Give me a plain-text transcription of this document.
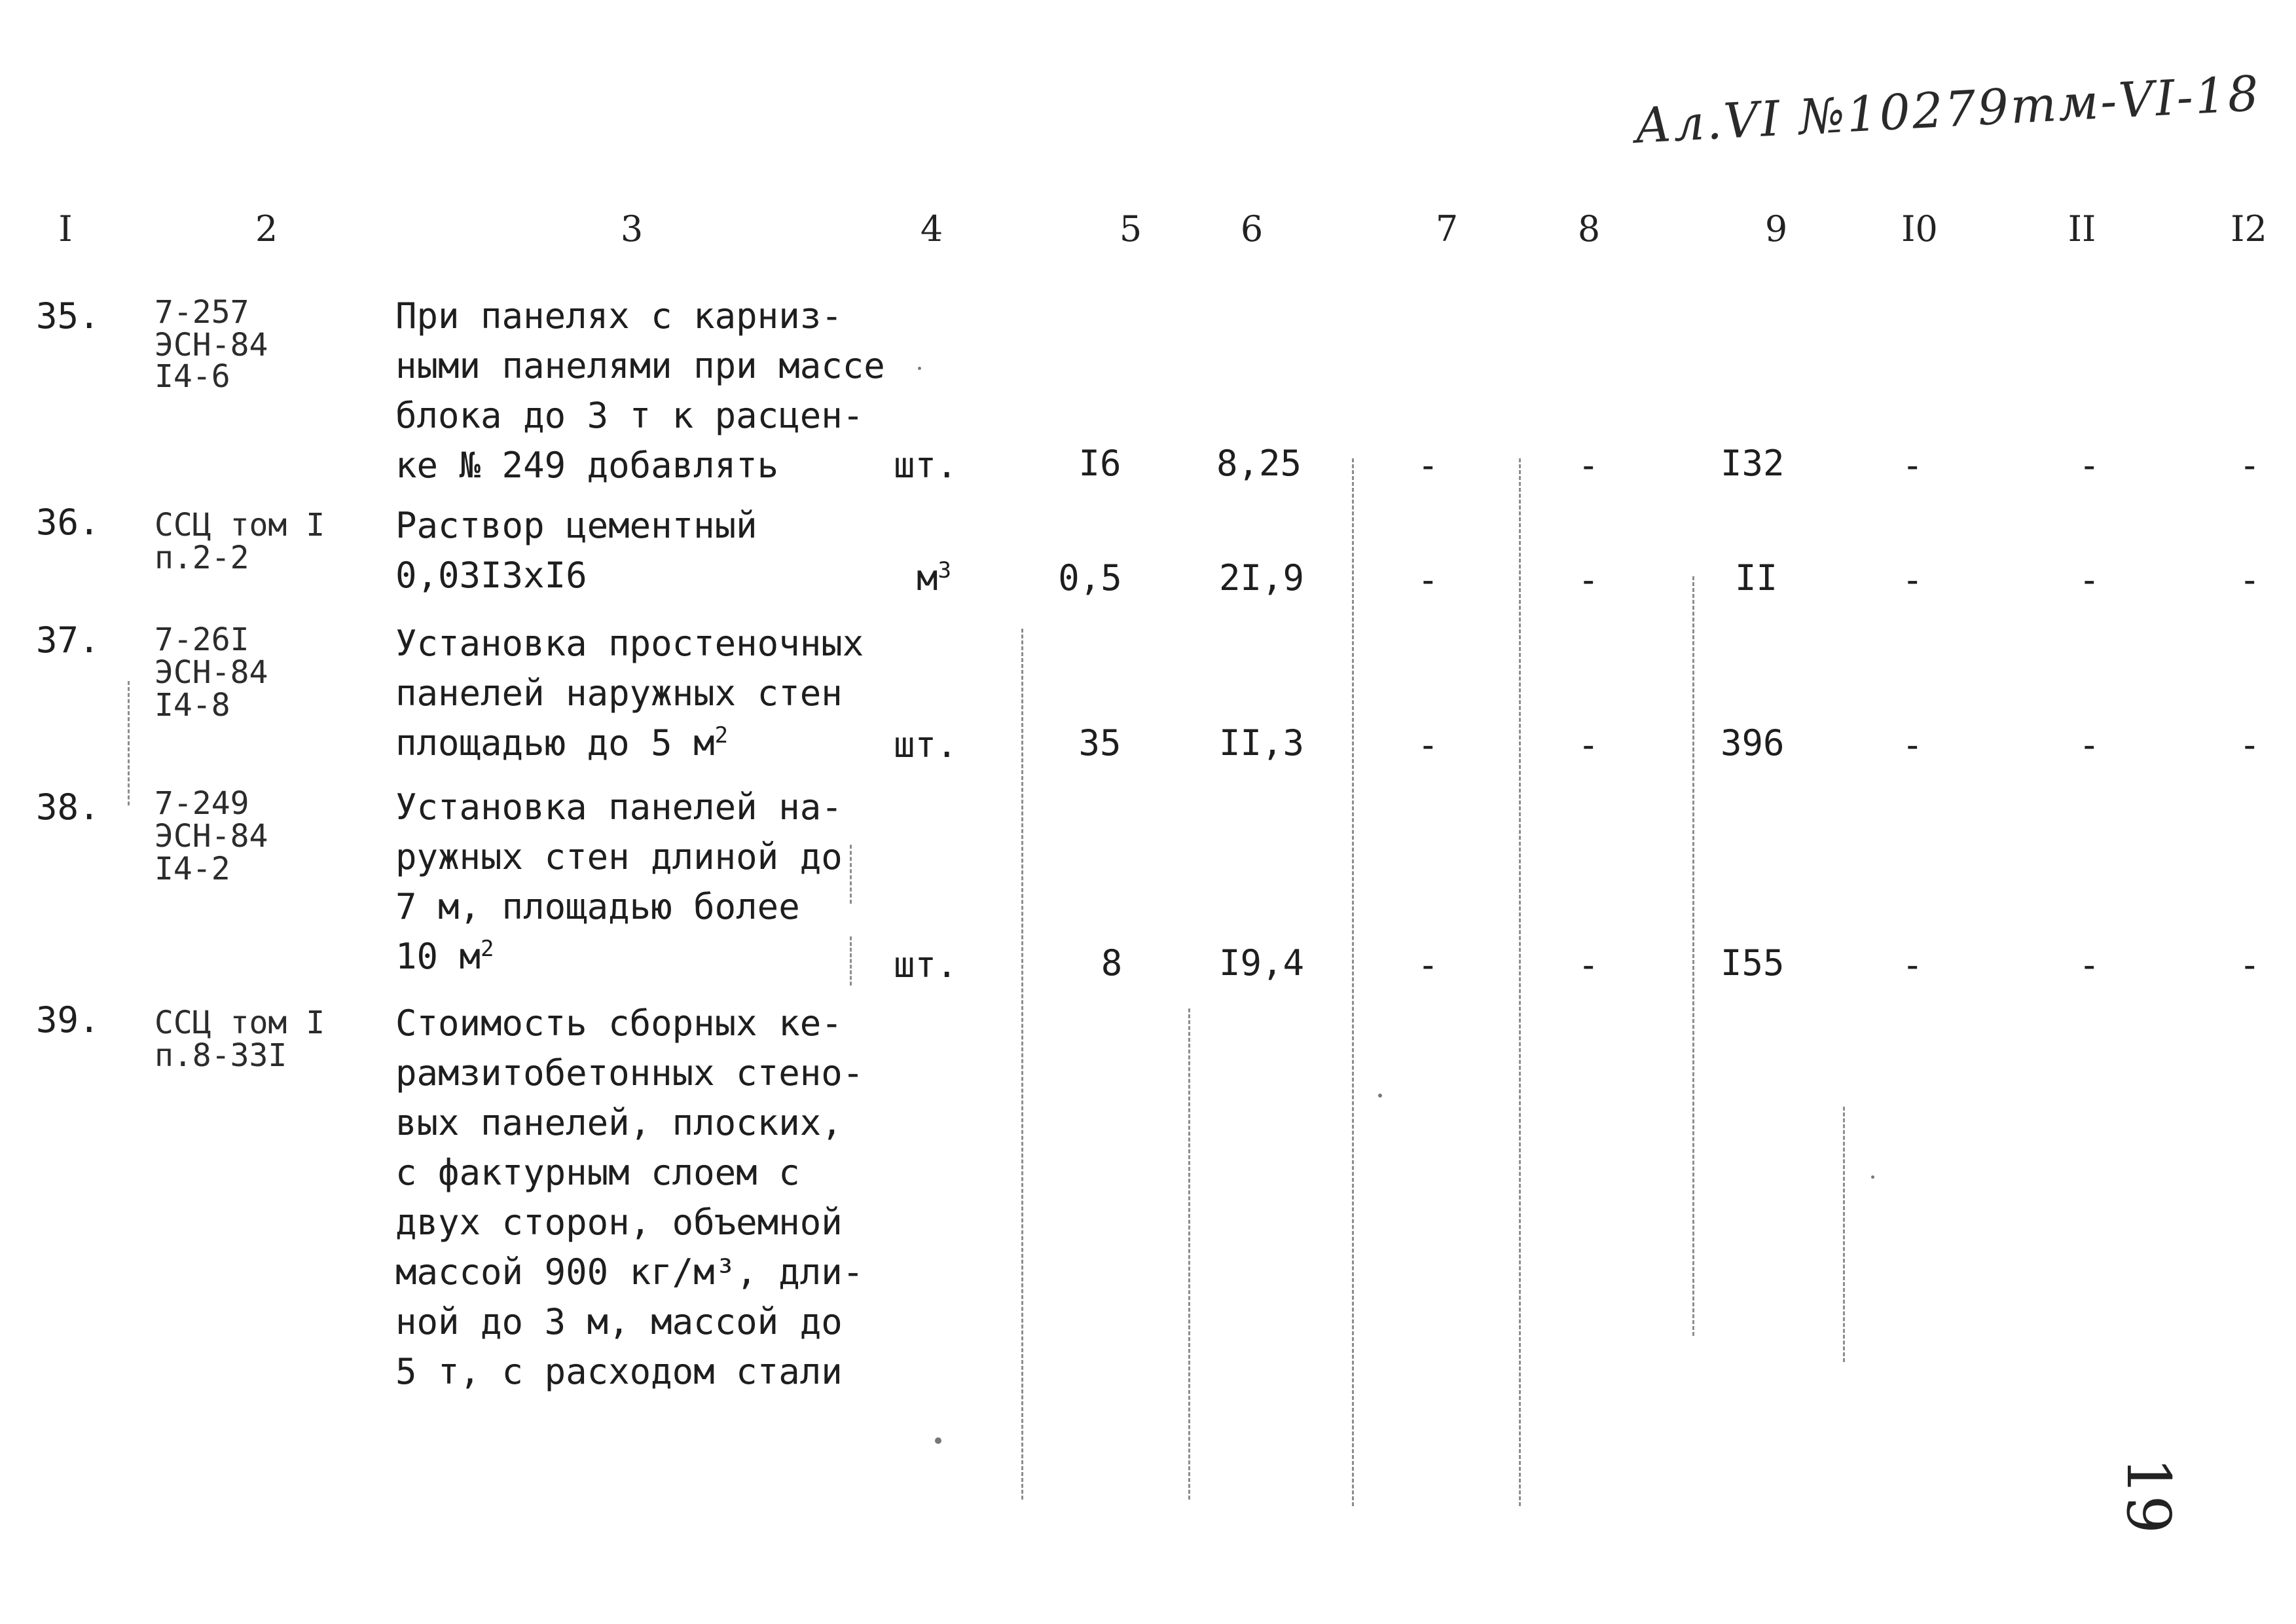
Ал.VI №10279тм-VI-18
I	2	3	4	5	6	7	8	9	I0	II	I2
35. 7-257
ЭСН-84
I4-6
При панелях с карниз-
ными панелями при массе
блока до 3 т к расцен-
ке № 249 добавлять	шт.	I6	8,25	-	-	I32	-	-	-
36. ССЦ том I
п.2-2
Раствор цементный
0,03I3xI6	$м^3$	0,5	2I,9	-	-	II	-	-	-
37. 7-26I
ЭСН-84
I4-8
Установка простеночных
панелей наружных стен
площадью до 5 $м^2$	шт.	35	II,3	-	-	396	-	-	-
38. 7-249
ЭСН-84
I4-2
Установка панелей на-
ружных стен длиной до
7 м, площадью более
10 $м^2$	шт.	8	I9,4	-	-	I55	-	-	-
39. ССЦ том I
п.8-33I
Стоимость сборных ке-
рамзитобетонных стено-
вых панелей, плоских,
с фактурным слоем с
двух сторон, объемной
массой 900 кг/м³, дли-
ной до 3 м, массой до
5 т, с расходом стали
19
